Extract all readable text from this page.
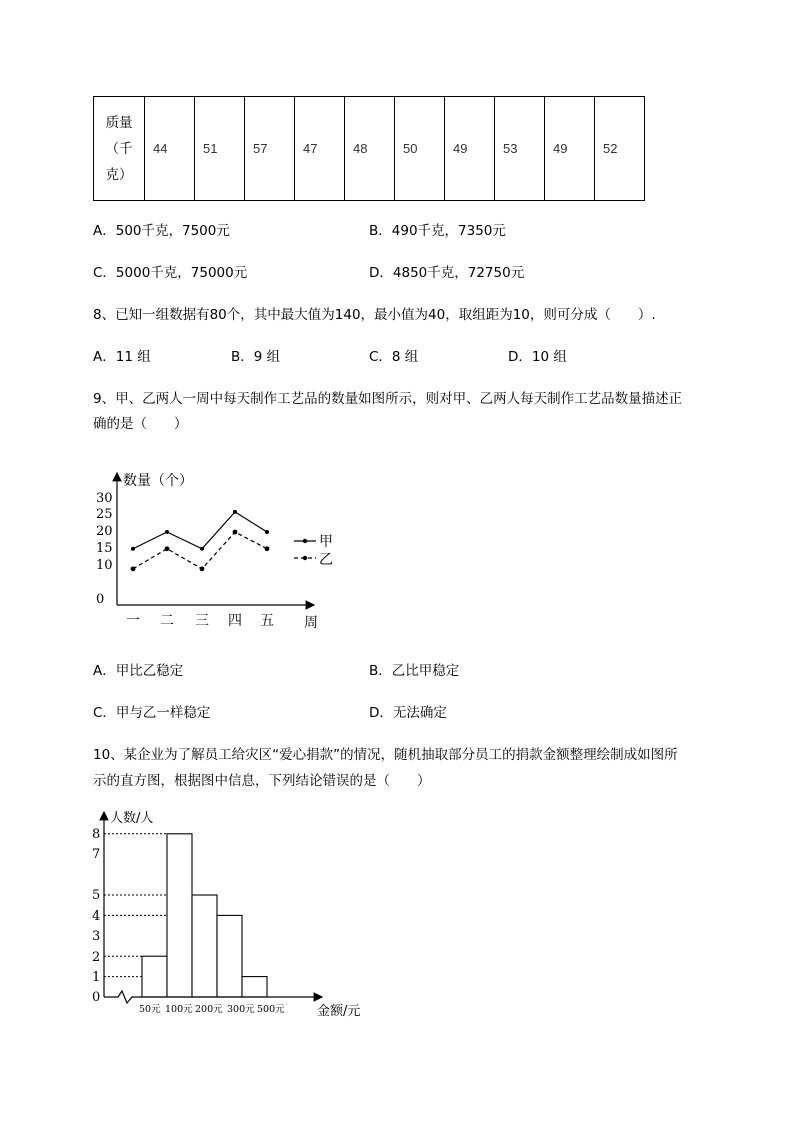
质量
（千
克）
	44	51	57	47	48	50	49	53	49	52
A．500千克，7500元	B．490千克，7350元
C．5000千克，75000元	D．4850千克，72750元
8、已知一组数据有80个，其中最大值为140，最小值为40，取组距为10，则可分成（　　）.
A．11 组	B．9 组	C．8 组	D．10 组
9、甲、乙两人一周中每天制作工艺品的数量如图所示，则对甲、乙两人每天制作工艺品数量描述正
确的是（　　）
数量（个）
0
10
15
20
25
30
一 二 三 四 五 周
甲
乙
A．甲比乙稳定	B．乙比甲稳定
C．甲与乙一样稳定	D．无法确定
10、某企业为了解员工给灾区“爱心捐款”的情况，随机抽取部分员工的捐款金额整理绘制成如图所
示的直方图，根据图中信息，下列结论错误的是（　　）
人数/人
0
1
2
3
4
5
7
8
50元 100元 200元 300元 500元 金额/元
